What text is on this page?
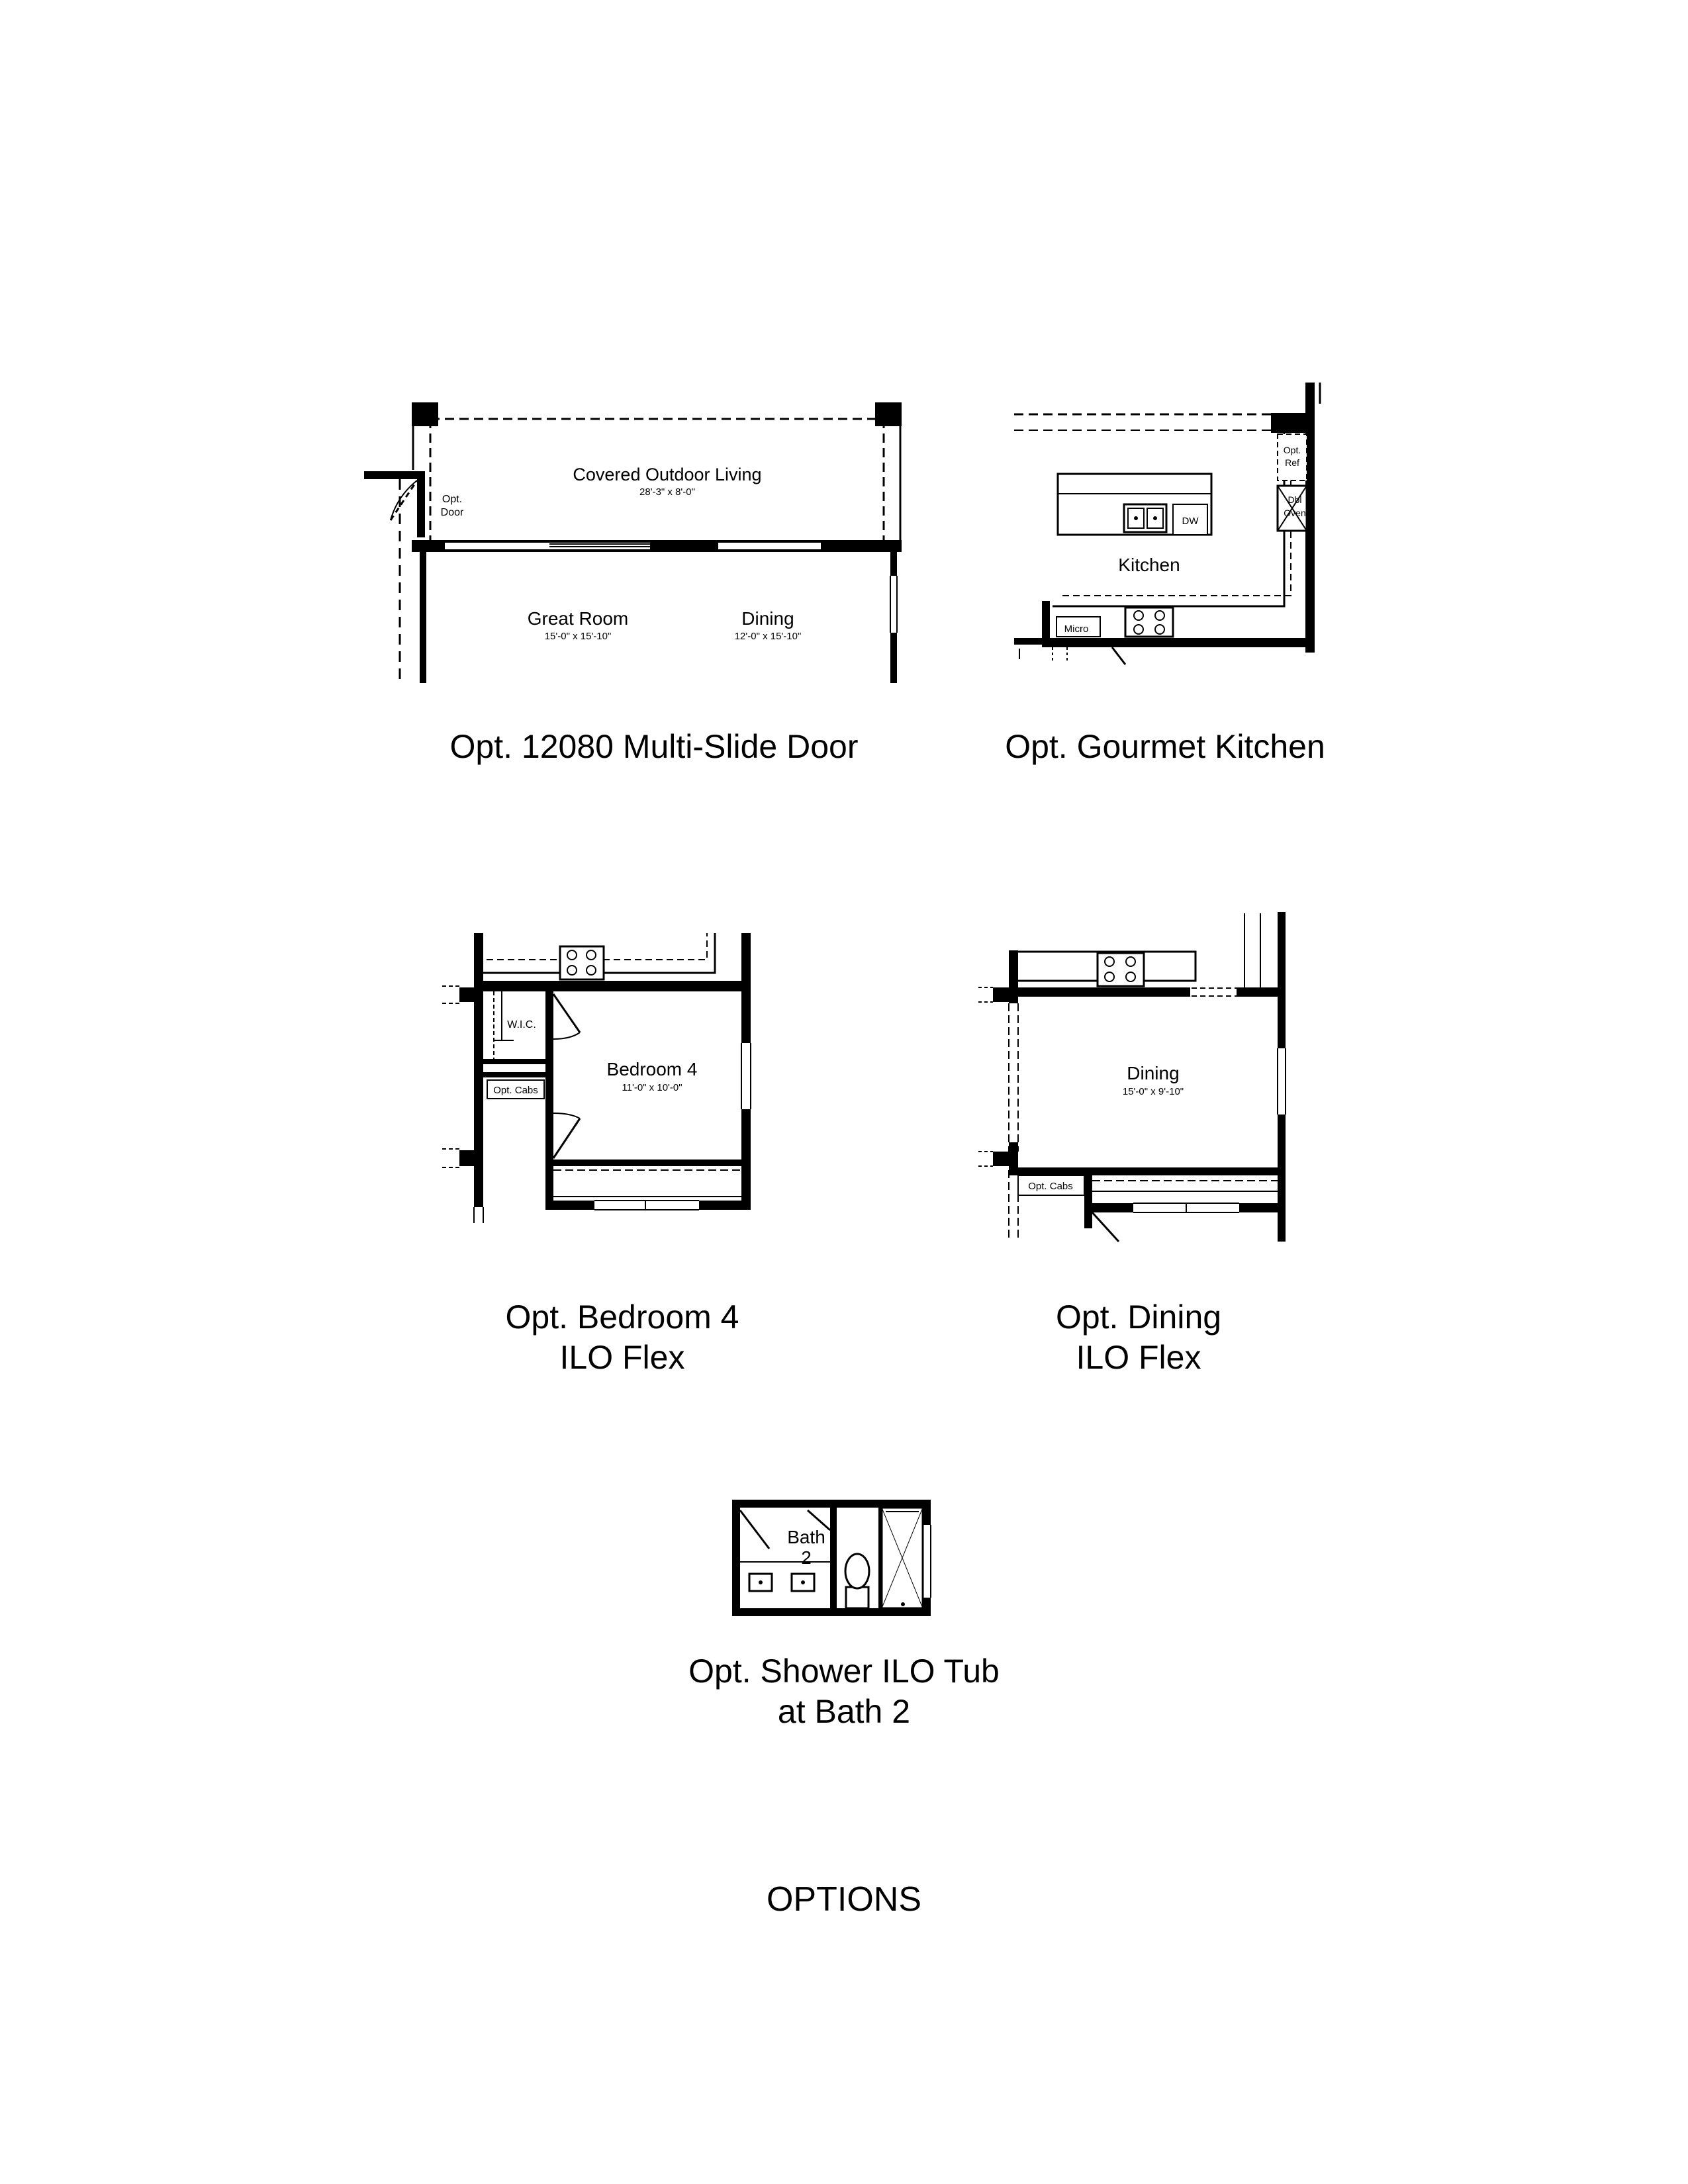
Covered Outdoor Living
28'-3" x 8'-0"
Opt.
Door
Great Room
15'-0" x 15'-10"
Dining
12'-0" x 15'-10"
DW
Opt.
Ref
Dbl
Oven
Micro
Kitchen
W.I.C.
Opt. Cabs
Bedroom 4
11'-0" x 10'-0"
Opt. Cabs
Dining
15'-0" x 9'-10"
Bath
2
Opt. 12080 Multi-Slide Door	Opt. Gourmet Kitchen
Opt. Bedroom 4
ILO Flex
Opt. Dining
ILO Flex
Opt. Shower ILO Tub
at Bath 2
OPTIONS
